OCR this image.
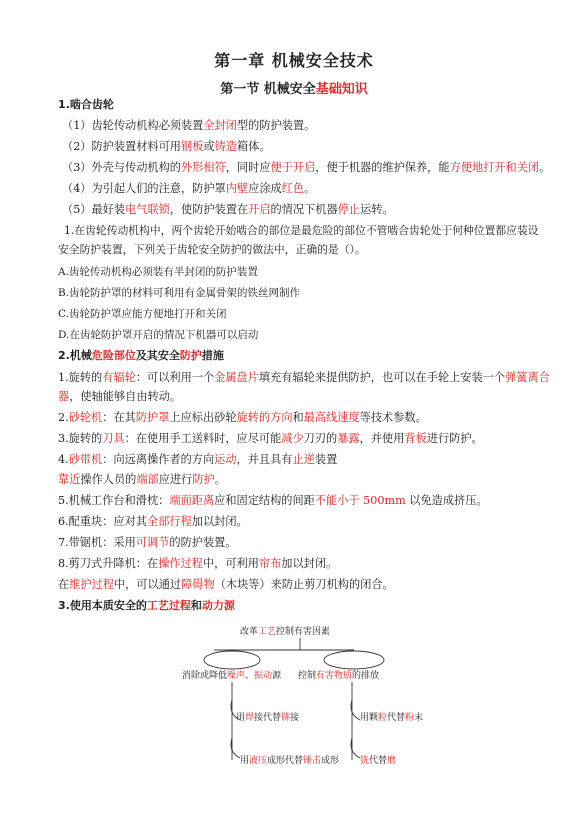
第一章 机械安全技术
第一节 机械安全基础知识
1.啮合齿轮
（1）齿轮传动机构必须装置全封闭型的防护装置。
（2）防护装置材料可用钢板或铸造箱体。
（3）外壳与传动机构的外形相符，同时应便于开启，便于机器的维护保养，能方便地打开和关闭。
（4）为引起人们的注意，防护罩内壁应涂成红色。
（5）最好装电气联锁，使防护装置在开启的情况下机器停止运转。
1.在齿轮传动机构中，两个齿轮开始啮合的部位是最危险的部位不管啮合齿轮处于何种位置都应装设
安全防护装置，下列关于齿轮安全防护的做法中，正确的是（）。
A.齿轮传动机构必须装有半封闭的防护装置
B.齿轮防护罩的材料可利用有金属骨架的铁丝网制作
C.齿轮防护罩应能方便地打开和关闭
D.在齿轮防护罩开启的情况下机器可以启动
2.机械危险部位及其安全防护措施
1.旋转的有辐轮：可以利用一个金属盘片填充有辐轮来提供防护，也可以在手轮上安装一个弹簧离合
器，使轴能够自由转动。
2.砂轮机：在其防护罩上应标出砂轮旋转的方向和最高线速度等技术参数。
3.旋转的刀具：在使用手工送料时，应尽可能减少刀刃的暴露，并使用背板进行防护。
4.砂带机：向远离操作者的方向运动，并且具有止逆装置
靠近操作人员的端部应进行防护。
5.机械工作台和滑枕：端面距离应和固定结构的间距不能小于 500mm 以免造成挤压。
6.配重块：应对其全部行程加以封闭。
7.带锯机：采用可调节的防护装置。
8.剪刀式升降机：在操作过程中，可利用帘布加以封闭。
在维护过程中，可以通过障碍物（木块等）来防止剪刀机构的闭合。
3.使用本质安全的工艺过程和动力源
改革工艺控制有害因素
消除或降低噪声、振动源 控制有害物质的排放
用焊接代替铆接	用颗粒代替粉末
用液压成形代替锤击成形 铣代替磨
